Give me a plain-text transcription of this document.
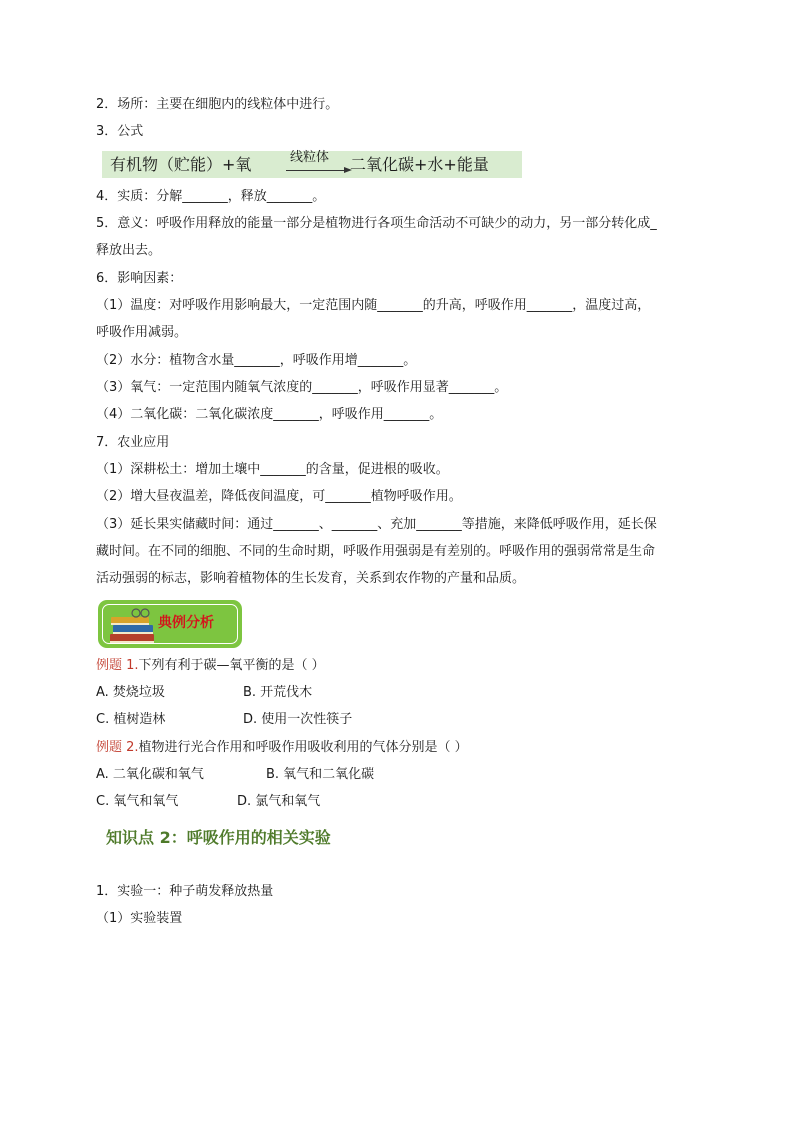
2．场所：主要在细胞内的线粒体中进行。
3．公式
有机物（贮能）+氧	线粒体 二氧化碳+水+能量
4．实质：分解_______，释放_______。
5．意义：呼吸作用释放的能量一部分是植物进行各项生命活动不可缺少的动力，另一部分转化成_
释放出去。
6．影响因素：
（1）温度：对呼吸作用影响最大，一定范围内随_______的升高，呼吸作用_______，温度过高，
呼吸作用减弱。
（2）水分：植物含水量_______，呼吸作用增_______。
（3）氧气：一定范围内随氧气浓度的_______，呼吸作用显著_______。
（4）二氧化碳：二氧化碳浓度_______，呼吸作用_______。
7．农业应用
（1）深耕松土：增加土壤中_______的含量，促进根的吸收。
（2）增大昼夜温差，降低夜间温度，可_______植物呼吸作用。
（3）延长果实储藏时间：通过_______、_______、充加_______等措施，来降低呼吸作用，延长保
藏时间。在不同的细胞、不同的生命时期，呼吸作用强弱是有差别的。呼吸作用的强弱常常是生命
活动强弱的标志，影响着植物体的生长发育，关系到农作物的产量和品质。
典例分析
例题 1.下列有利于碳—氧平衡的是（ ）
A. 焚烧垃圾	B. 开荒伐木
C. 植树造林	D. 使用一次性筷子
例题 2.植物进行光合作用和呼吸作用吸收利用的气体分别是（ ）
A. 二氧化碳和氧气	B. 氧气和二氧化碳
C. 氧气和氧气	D. 氯气和氧气
知识点 2：呼吸作用的相关实验
1．实验一：种子萌发释放热量
（1）实验装置
